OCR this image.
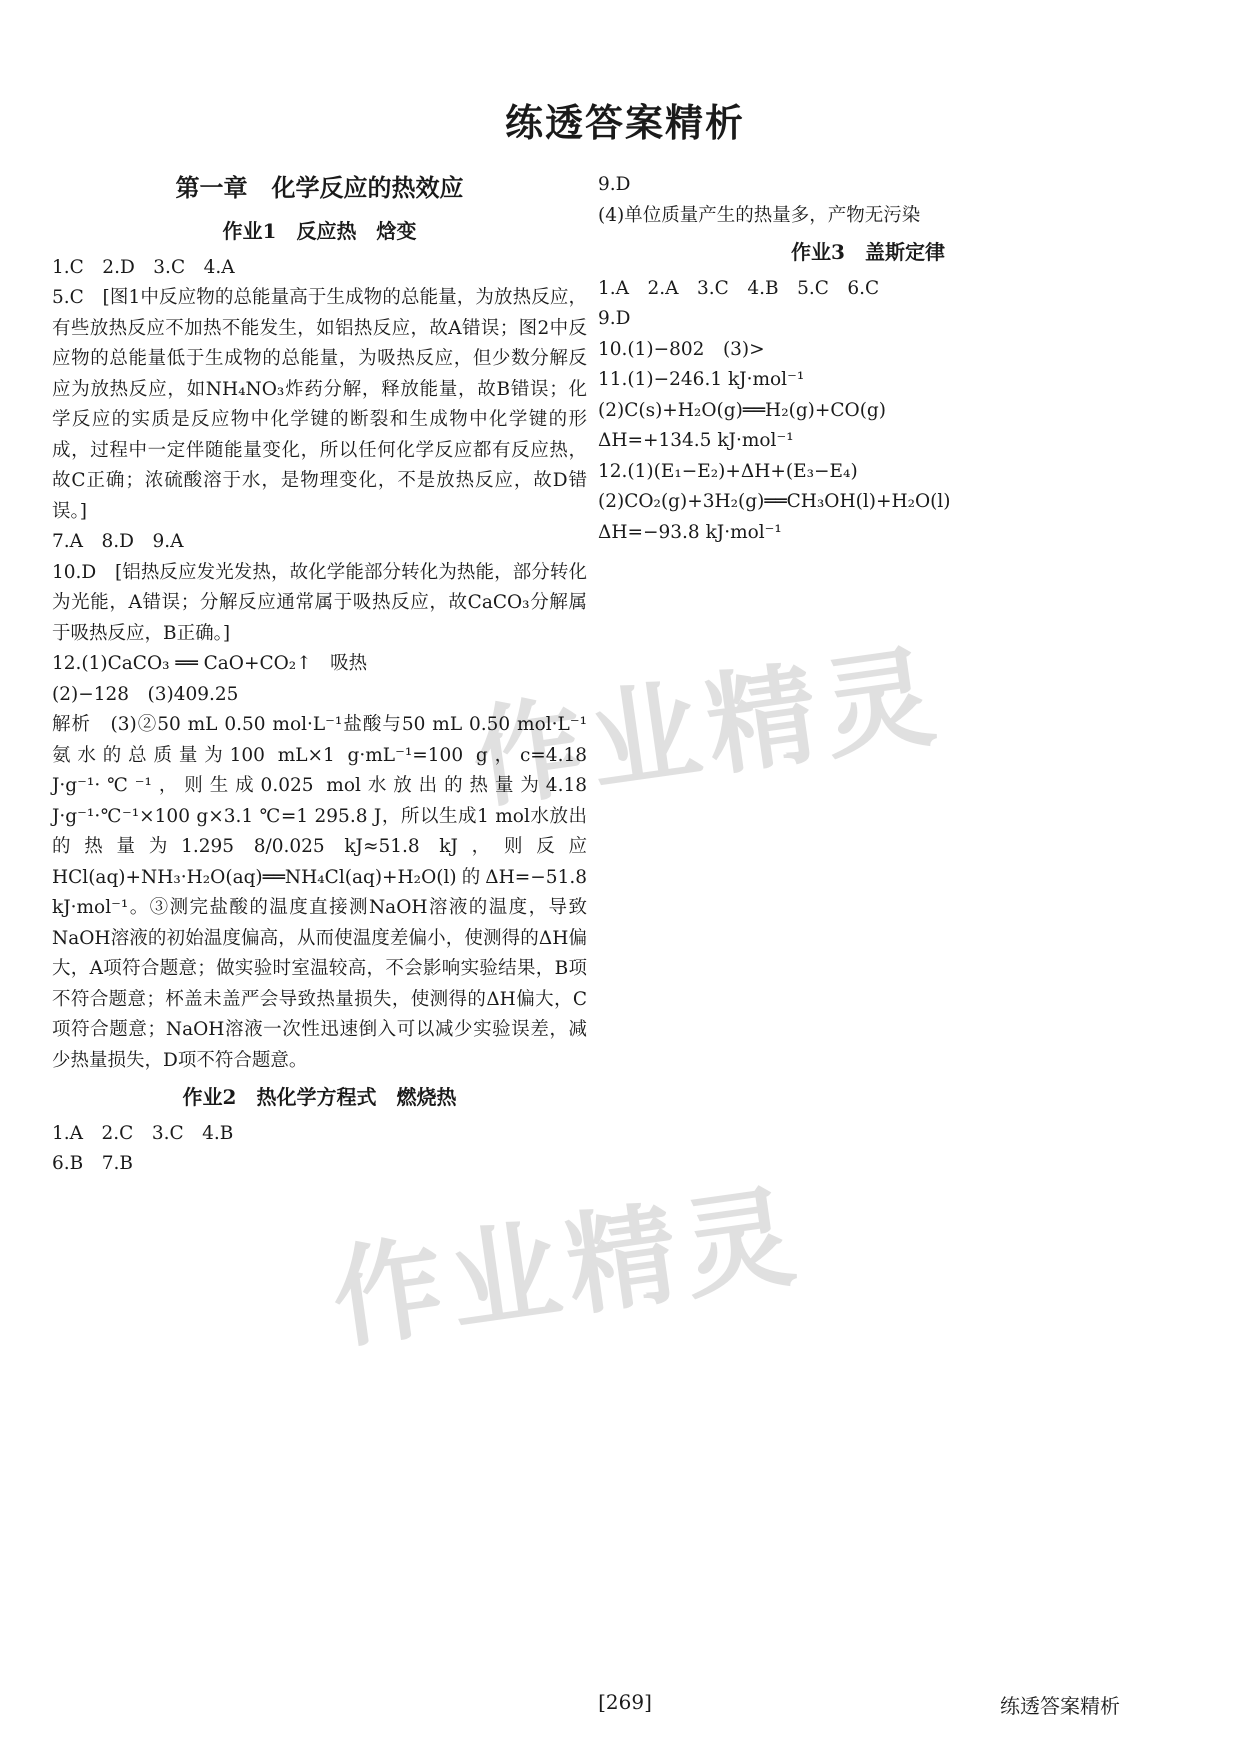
练透答案精析
第一章　化学反应的热效应
作业1　反应热　焓变

1.C　2.D　3.C　4.A

5.C　[图1中反应物的总能量高于生成物的总能量，为放热反应，有些放热反应不加热不能发生，如铝热反应，故A错误；图2中反应物的总能量低于生成物的总能量，为吸热反应，但少数分解反应为放热反应，如NH₄NO₃炸药分解，释放能量，故B错误；化学反应的实质是反应物中化学键的断裂和生成物中化学键的形成，过程中一定伴随能量变化，所以任何化学反应都有反应热，故C正确；浓硫酸溶于水，是物理变化，不是放热反应，故D错误。]

7.A　8.D　9.A

10.D　[铝热反应发光发热，故化学能部分转化为热能，部分转化为光能，A错误；分解反应通常属于吸热反应，故CaCO₃分解属于吸热反应，B正确。]

12.(1)CaCO₃ ══ CaO+CO₂↑　吸热

(2)−128　(3)409.25

解析　(3)②50 mL 0.50 mol·L⁻¹盐酸与50 mL 0.50 mol·L⁻¹氨水的总质量为100 mL×1 g·mL⁻¹=100 g，c=4.18 J·g⁻¹·℃⁻¹，则生成0.025 mol水放出的热量为4.18 J·g⁻¹·℃⁻¹×100 g×3.1 ℃=1 295.8 J，所以生成1 mol水放出的热量为1.295 8/0.025 kJ≈51.8 kJ，则反应HCl(aq)+NH₃·H₂O(aq)══NH₄Cl(aq)+H₂O(l)的ΔH=−51.8 kJ·mol⁻¹。③测完盐酸的温度直接测NaOH溶液的温度，导致NaOH溶液的初始温度偏高，从而使温度差偏小，使测得的ΔH偏大，A项符合题意；做实验时室温较高，不会影响实验结果，B项不符合题意；杯盖未盖严会导致热量损失，使测得的ΔH偏大，C项符合题意；NaOH溶液一次性迅速倒入可以减少实验误差，减少热量损失，D项不符合题意。

作业2　热化学方程式　燃烧热

1.A　2.C　3.C　4.B

6.B　7.B

9.D

(4)单位质量产生的热量多，产物无污染

作业3　盖斯定律

1.A　2.A　3.C　4.B　5.C　6.C

9.D

10.(1)−802　(3)>

11.(1)−246.1 kJ·mol⁻¹

(2)C(s)+H₂O(g)══H₂(g)+CO(g)

ΔH=+134.5 kJ·mol⁻¹

12.(1)(E₁−E₂)+ΔH+(E₃−E₄)

(2)CO₂(g)+3H₂(g)══CH₃OH(l)+H₂O(l)

ΔH=−93.8 kJ·mol⁻¹

作业精灵
作业精灵
[269]	练透答案精析
